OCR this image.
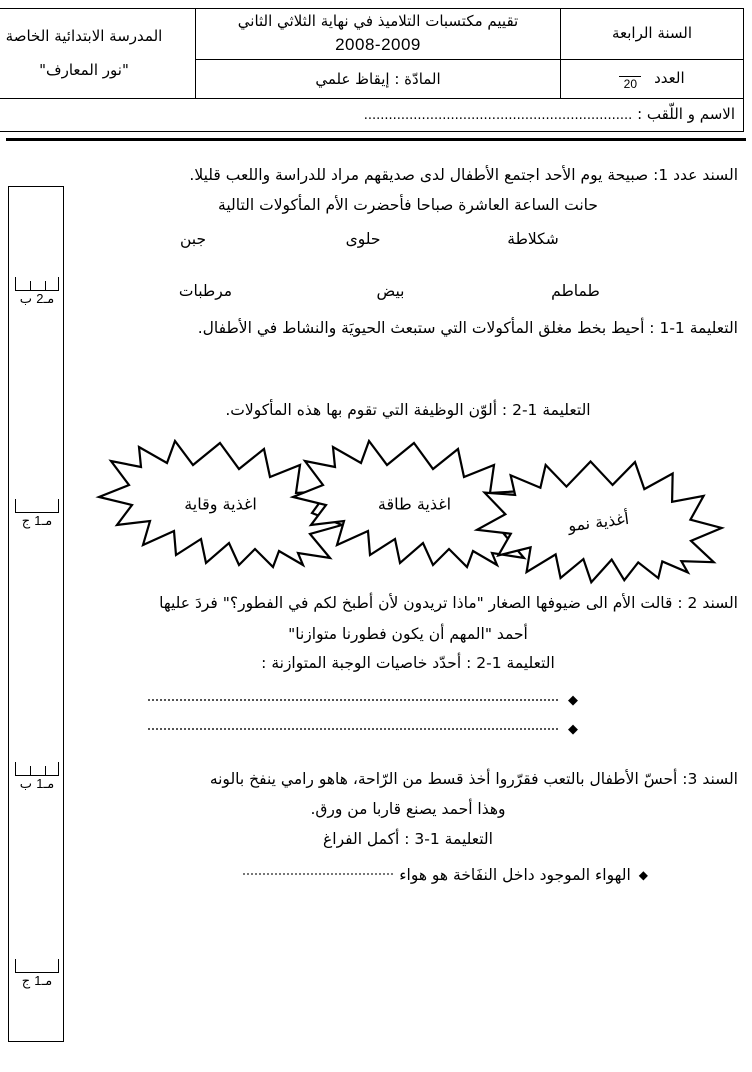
السنة الرابعة	
تقييم مكتسبات التلاميذ في نهاية الثلاثي الثاني
2008-2009

المدرسة الابتدائية الخاصة
"نور المعارف"

العدد
20	المادّة : إيقاظ علمي	
الاسم و اللّقب : .................................................................		
مـ2 ب
مـ1 ج
مـ1 ب
مـ1 ج

السند عدد 1: صبيحة يوم الأحد اجتمع الأطفال لدى صديقهم مراد للدراسة واللعب قليلا.

حانت الساعة العاشرة صباحا فأحضرت الأم المأكولات التالية

شكلاطة
حلوى
جبن
طماطم
بيض
مرطبات

التعليمة 1-1 : أحيط بخط مغلق المأكولات التي ستبعث الحيويَة والنشاط في الأطفال.

التعليمة 1-2 : ألوّن الوظيفة التي تقوم بها هذه المأكولات.

اغذية وقاية	اغذية طاقة
أغذية نمو

السند 2 : قالت الأم الى ضيوفها الصغار "ماذا تريدون لأن أطبخ لكم في الفطور؟" فردَ عليها

أحمد "المهم أن يكون فطورنا متوازنا"

التعليمة 1-2 : أحدّد خاصيات الوجبة المتوازنة :

◆
◆

السند 3: أحسّ الأطفال بالتعب فقرّروا أخذ قسط من الرّاحة، هاهو رامي ينفخ بالونه

وهذا أحمد يصنع قاربا من ورق.

التعليمة 1-3 : أكمل الفراغ

◆
الهواء الموجود داخل النفَاخة هو هواء
